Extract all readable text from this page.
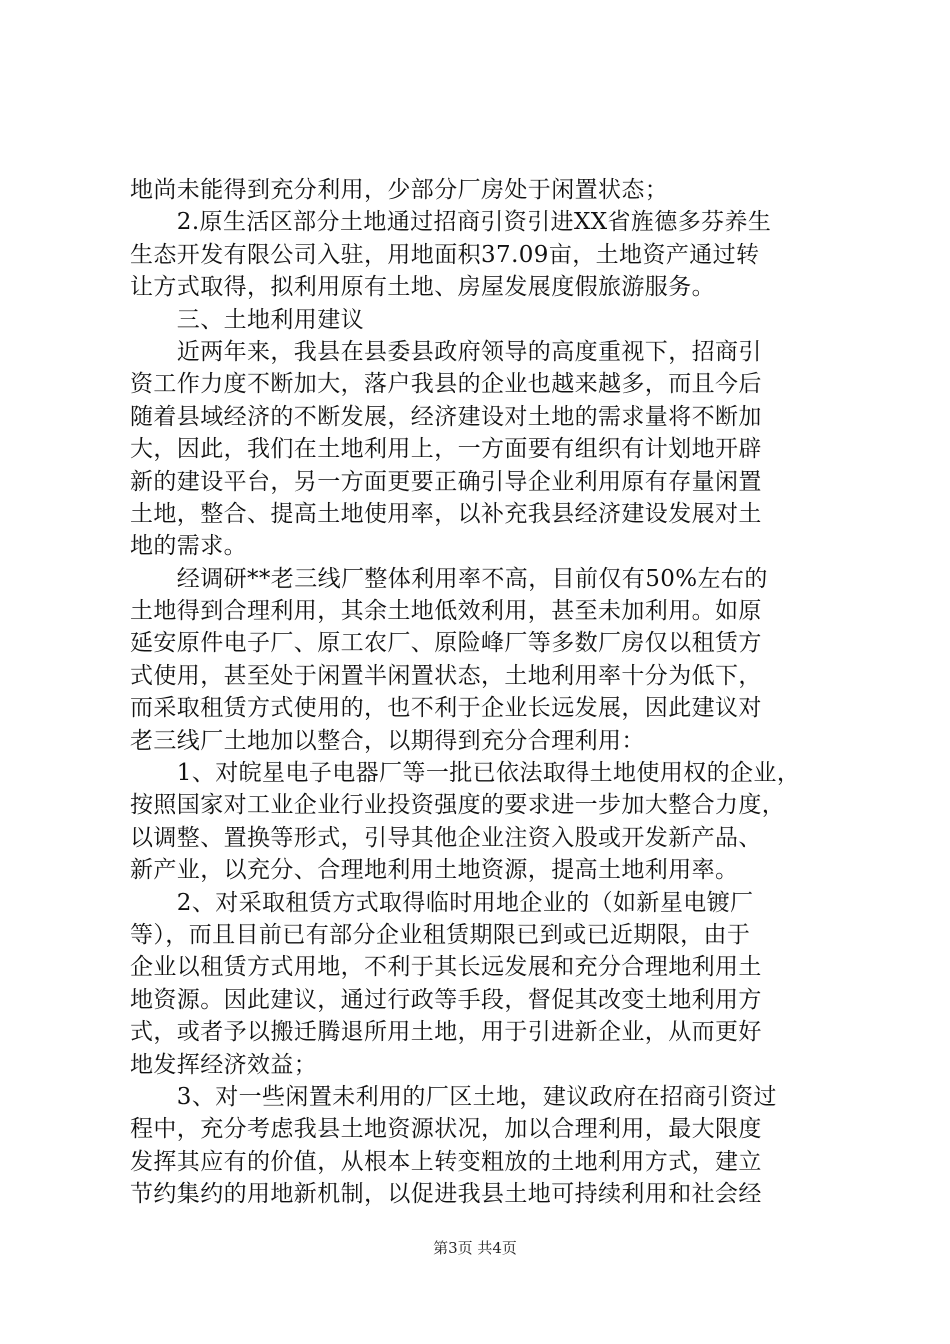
地尚未能得到充分利用，少部分厂房处于闲置状态；
　　2.原生活区部分土地通过招商引资引进XX省旌德多芬养生
生态开发有限公司入驻，用地面积37.09亩，土地资产通过转
让方式取得，拟利用原有土地、房屋发展度假旅游服务。
　　三、土地利用建议
　　近两年来，我县在县委县政府领导的高度重视下，招商引
资工作力度不断加大，落户我县的企业也越来越多，而且今后
随着县域经济的不断发展，经济建设对土地的需求量将不断加
大，因此，我们在土地利用上，一方面要有组织有计划地开辟
新的建设平台，另一方面更要正确引导企业利用原有存量闲置
土地，整合、提高土地使用率，以补充我县经济建设发展对土
地的需求。
　　经调研**老三线厂整体利用率不高，目前仅有50%左右的
土地得到合理利用，其余土地低效利用，甚至未加利用。如原
延安原件电子厂、原工农厂、原险峰厂等多数厂房仅以租赁方
式使用，甚至处于闲置半闲置状态，土地利用率十分为低下，
而采取租赁方式使用的，也不利于企业长远发展，因此建议对
老三线厂土地加以整合，以期得到充分合理利用：
　　1、对皖星电子电器厂等一批已依法取得土地使用权的企业，
按照国家对工业企业行业投资强度的要求进一步加大整合力度，
以调整、置换等形式，引导其他企业注资入股或开发新产品、
新产业，以充分、合理地利用土地资源，提高土地利用率。
　　2、对采取租赁方式取得临时用地企业的（如新星电镀厂
等），而且目前已有部分企业租赁期限已到或已近期限，由于
企业以租赁方式用地，不利于其长远发展和充分合理地利用土
地资源。因此建议，通过行政等手段，督促其改变土地利用方
式，或者予以搬迁腾退所用土地，用于引进新企业，从而更好
地发挥经济效益；
　　3、对一些闲置未利用的厂区土地，建议政府在招商引资过
程中，充分考虑我县土地资源状况，加以合理利用，最大限度
发挥其应有的价值，从根本上转变粗放的土地利用方式，建立
节约集约的用地新机制，以促进我县土地可持续利用和社会经
第3页 共4页
